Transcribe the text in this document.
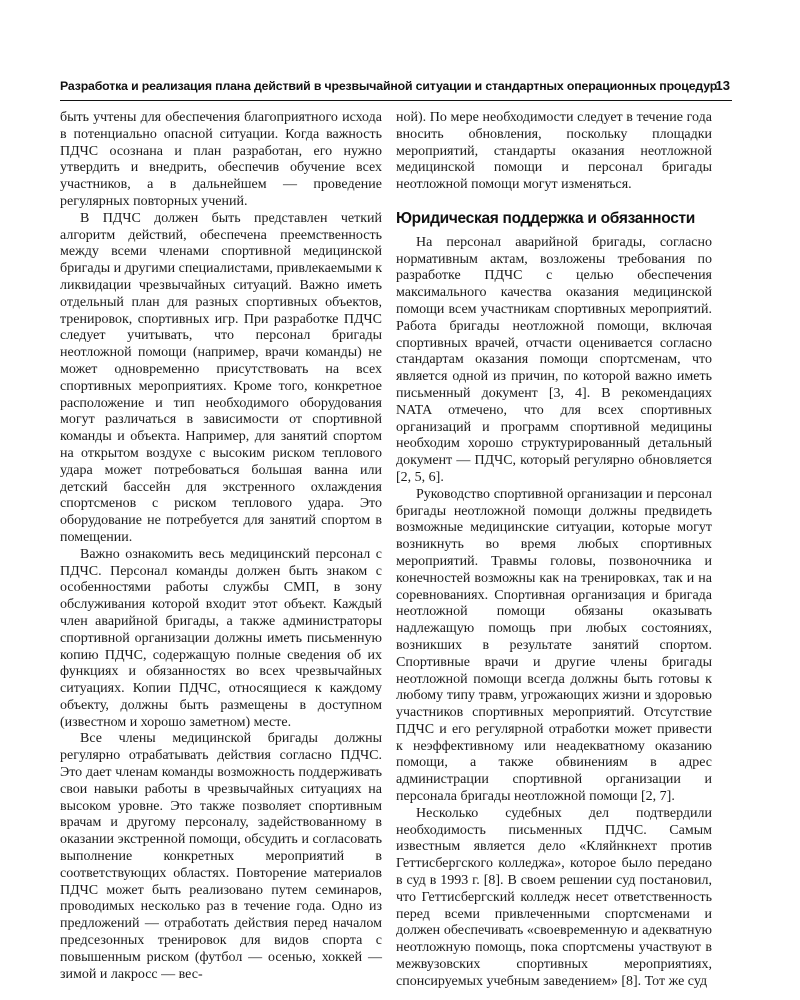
Разработка и реализация плана действий в чрезвычайной ситуации и стандартных операционных процедур
13

быть учтены для обеспечения благоприятного исхода в потенциально опасной ситуации. Когда важность ПДЧС осознана и план разработан, его нужно утвердить и внедрить, обеспечив обучение всех участников, а в дальнейшем — проведение регулярных повторных учений.

В ПДЧС должен быть представлен четкий алгоритм действий, обеспечена преемственность между всеми членами спортивной медицинской бригады и другими специалистами, привлекаемыми к ликвидации чрезвычайных ситуаций. Важно иметь отдельный план для разных спортивных объектов, тренировок, спортивных игр. При разработке ПДЧС следует учитывать, что персонал бригады неотложной помощи (например, врачи команды) не может одновременно присутствовать на всех спортивных мероприятиях. Кроме того, конкретное расположение и тип необходимого оборудования могут различаться в зависимости от спортивной команды и объекта. Например, для занятий спортом на открытом воздухе с высоким риском теплового удара может потребоваться большая ванна или детский бассейн для экстренного охлаждения спортсменов с риском теплового удара. Это оборудование не потребуется для занятий спортом в помещении.

Важно ознакомить весь медицинский персонал с ПДЧС. Персонал команды должен быть знаком с особенностями работы службы СМП, в зону обслуживания которой входит этот объект. Каждый член аварийной бригады, а также администраторы спортивной организации должны иметь письменную копию ПДЧС, содержащую полные сведения об их функциях и обязанностях во всех чрезвычайных ситуациях. Копии ПДЧС, относящиеся к каждому объекту, должны быть размещены в доступном (известном и хорошо заметном) месте.

Все члены медицинской бригады должны регулярно отрабатывать действия согласно ПДЧС. Это дает членам команды возможность поддерживать свои навыки работы в чрезвычайных ситуациях на высоком уровне. Это также позволяет спортивным врачам и другому персоналу, задействованному в оказании экстренной помощи, обсудить и согласовать выполнение конкретных мероприятий в соответствующих областях. Повторение материалов ПДЧС может быть реализовано путем семинаров, проводимых несколько раз в течение года. Одно из предложений — отработать действия перед началом предсезонных тренировок для видов спорта с повышенным риском (футбол — осенью, хоккей — зимой и лакросс — вес-

ной). По мере необходимости следует в течение года вносить обновления, поскольку площадки мероприятий, стандарты оказания неотложной медицинской помощи и персонал бригады неотложной помощи могут изменяться.

Юридическая поддержка и обязанности

На персонал аварийной бригады, согласно нормативным актам, возложены требования по разработке ПДЧС с целью обеспечения максимального качества оказания медицинской помощи всем участникам спортивных мероприятий. Работа бригады неотложной помощи, включая спортивных врачей, отчасти оценивается согласно стандартам оказания помощи спортсменам, что является одной из причин, по которой важно иметь письменный документ [3, 4]. В рекомендациях NATA отмечено, что для всех спортивных организаций и программ спортивной медицины необходим хорошо структурированный детальный документ — ПДЧС, который регулярно обновляется [2, 5, 6].

Руководство спортивной организации и персонал бригады неотложной помощи должны предвидеть возможные медицинские ситуации, которые могут возникнуть во время любых спортивных мероприятий. Травмы головы, позвоночника и конечностей возможны как на тренировках, так и на соревнованиях. Спортивная организация и бригада неотложной помощи обязаны оказывать надлежащую помощь при любых состояниях, возникших в результате занятий спортом. Спортивные врачи и другие члены бригады неотложной помощи всегда должны быть готовы к любому типу травм, угрожающих жизни и здоровью участников спортивных мероприятий. Отсутствие ПДЧС и его регулярной отработки может привести к неэффективному или неадекватному оказанию помощи, а также обвинениям в адрес администрации спортивной организации и персонала бригады неотложной помощи [2, 7].

Несколько судебных дел подтвердили необходимость письменных ПДЧС. Самым известным является дело «Кляйнкнехт против Геттисбергского колледжа», которое было передано в суд в 1993 г. [8]. В своем решении суд постановил, что Геттисбергский колледж несет ответственность перед всеми привлеченными спортсменами и должен обеспечивать «своевременную и адекватную неотложную помощь, пока спортсмены участвуют в межвузовских спортивных мероприятиях, спонсируемых учебным заведением» [8]. Тот же суд
